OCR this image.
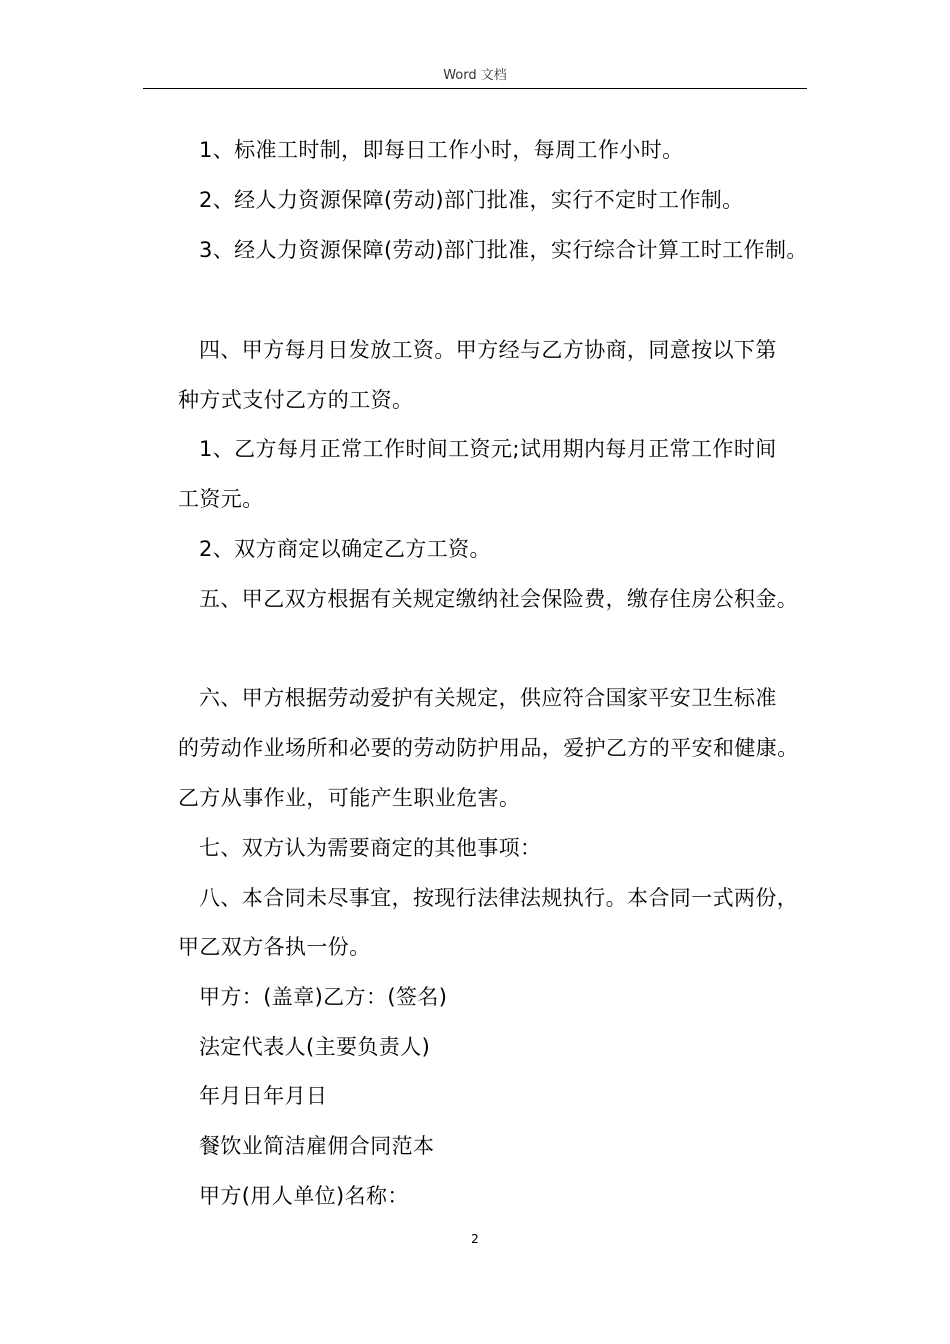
Word 文档
1、标准工时制，即每日工作小时，每周工作小时。
2、经人力资源保障(劳动)部门批准，实行不定时工作制。
3、经人力资源保障(劳动)部门批准，实行综合计算工时工作制。
四、甲方每月日发放工资。甲方经与乙方协商，同意按以下第
种方式支付乙方的工资。
1、乙方每月正常工作时间工资元;试用期内每月正常工作时间
工资元。
2、双方商定以确定乙方工资。
五、甲乙双方根据有关规定缴纳社会保险费，缴存住房公积金。
六、甲方根据劳动爱护有关规定，供应符合国家平安卫生标准
的劳动作业场所和必要的劳动防护用品，爱护乙方的平安和健康。
乙方从事作业，可能产生职业危害。
七、双方认为需要商定的其他事项：
八、本合同未尽事宜，按现行法律法规执行。本合同一式两份，
甲乙双方各执一份。
甲方：(盖章)乙方：(签名)
法定代表人(主要负责人)
年月日年月日
餐饮业简洁雇佣合同范本
甲方(用人单位)名称：
2
